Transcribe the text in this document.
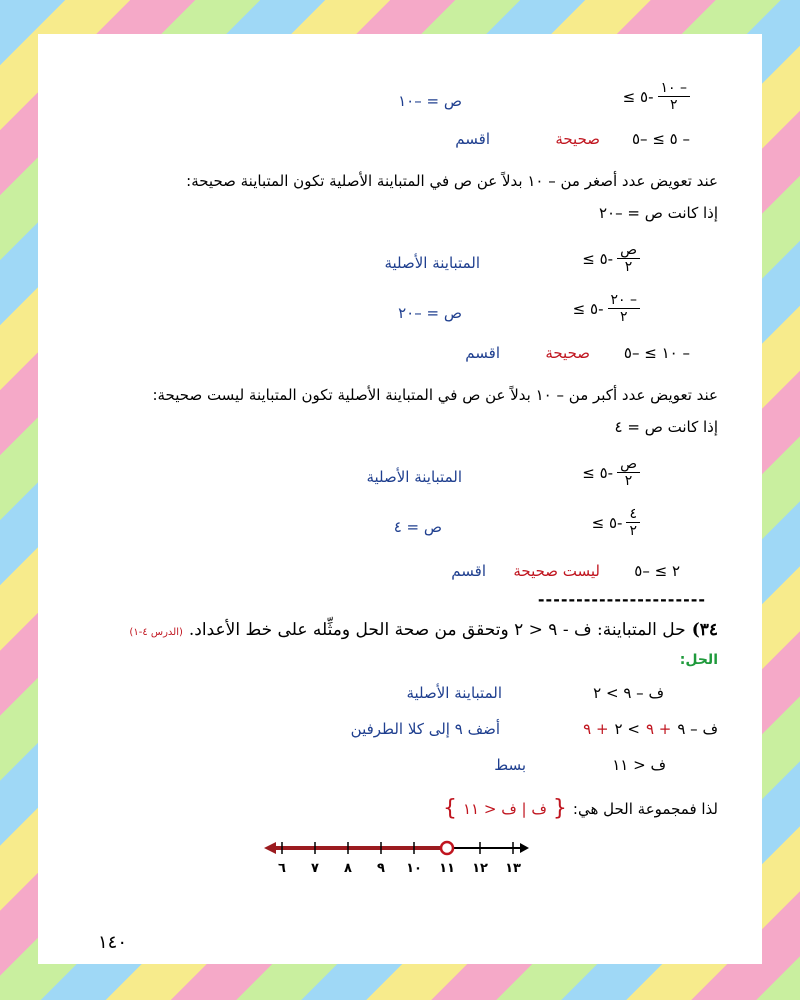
$\frac{- ١٠}{٢}$
-٥ ≥
ص = –١٠
– ٥ ≥ –٥
صحيحة
اقسم
عند تعويض عدد أصغر من – ١٠ بدلاً عن ص في المتباينة الأصلية تكون المتباينة صحيحة:
إذا كانت ص = –٢٠
$\frac{\text{ص}}{٢}$
-٥ ≥
المتباينة الأصلية
$\frac{- ٢٠}{٢}$
-٥ ≥
ص = –٢٠
– ١٠ ≥ –٥
صحيحة
اقسم
عند تعويض عدد أكبر من – ١٠ بدلاً عن ص في المتباينة الأصلية تكون المتباينة ليست صحيحة:
إذا كانت ص = ٤
$\frac{\text{ص}}{٢}$
-٥ ≥
المتباينة الأصلية
$\frac{٤}{٢}$
-٥ ≥
ص = ٤
٢ ≥ –٥
ليست صحيحة
اقسم
----------------------
٣٤)
حل المتباينة: ف - ٩ < ٢ وتحقق من صحة الحل ومثِّله على خط الأعداد.
(الدرس ٤-١)
الحل:
ف – ٩ > ٢
المتباينة الأصلية
ف – ٩
+ ٩
> ٢
+ ٩
أضف ٩ إلى كلا الطرفين
ف < ١١
بسط
لذا فمجموعة الحل هي:
{
ف | ف < ١١
}
٦ ٧ ٨ ٩ ١٠ ١١ ١٢ ١٣
١٤٠
